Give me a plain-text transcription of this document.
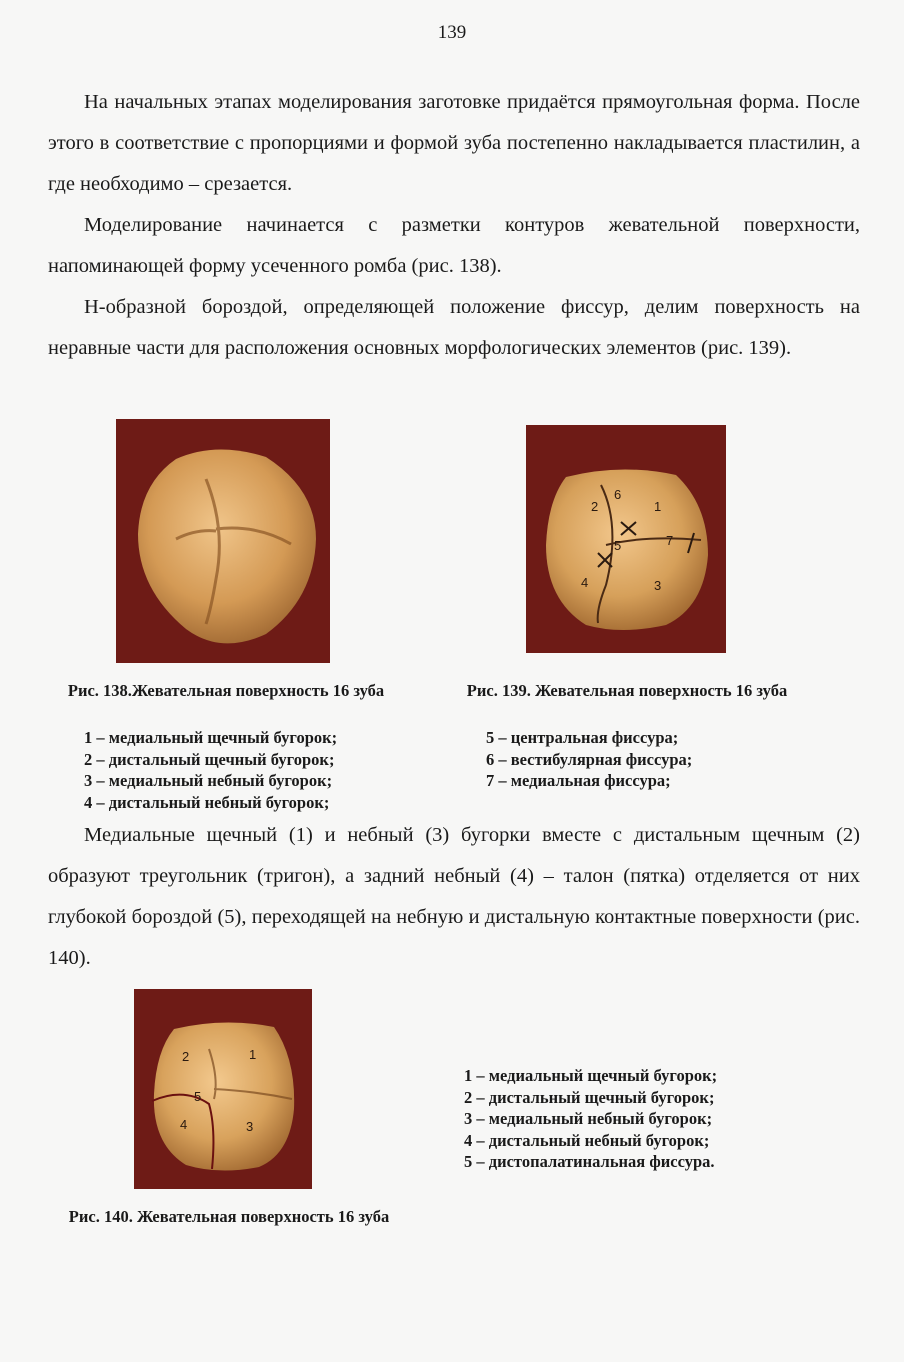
139

На начальных этапах моделирования заготовке придаётся прямоугольная форма. После этого в соответствие с пропорциями и формой зуба постепенно накладывается пластилин, а где необходимо – срезается.

Моделирование начинается с разметки контуров жевательной поверхности, напоминающей форму усеченного ромба (рис. 138).

Н-образной бороздой, определяющей положение фиссур, делим поверхность на неравные части для расположения основных морфологических элементов (рис. 139).

Рис. 138.Жевательная поверхность 16 зуба
1 – медиальный щечный бугорок;
2 – дистальный щечный бугорок;
3 – медиальный небный бугорок;
4 – дистальный небный бугорок;
2
6
1
5	7
4	3
Рис. 139. Жевательная поверхность 16 зуба
5 – центральная фиссура;
6 – вестибулярная фиссура;
7 – медиальная фиссура;

Медиальные щечный (1) и небный (3) бугорки вместе с дистальным щечным (2) образуют треугольник (тригон), а задний небный (4) – талон (пятка) отделяется от них глубокой бороздой (5), переходящей на небную и дистальную контактные поверхности (рис. 140).

2	1
5
4	3
1 – медиальный щечный бугорок;
2 – дистальный щечный бугорок;
3 – медиальный небный бугорок;
4 – дистальный небный бугорок;
5 – дистопалатинальная фиссура.
Рис. 140. Жевательная поверхность 16 зуба
